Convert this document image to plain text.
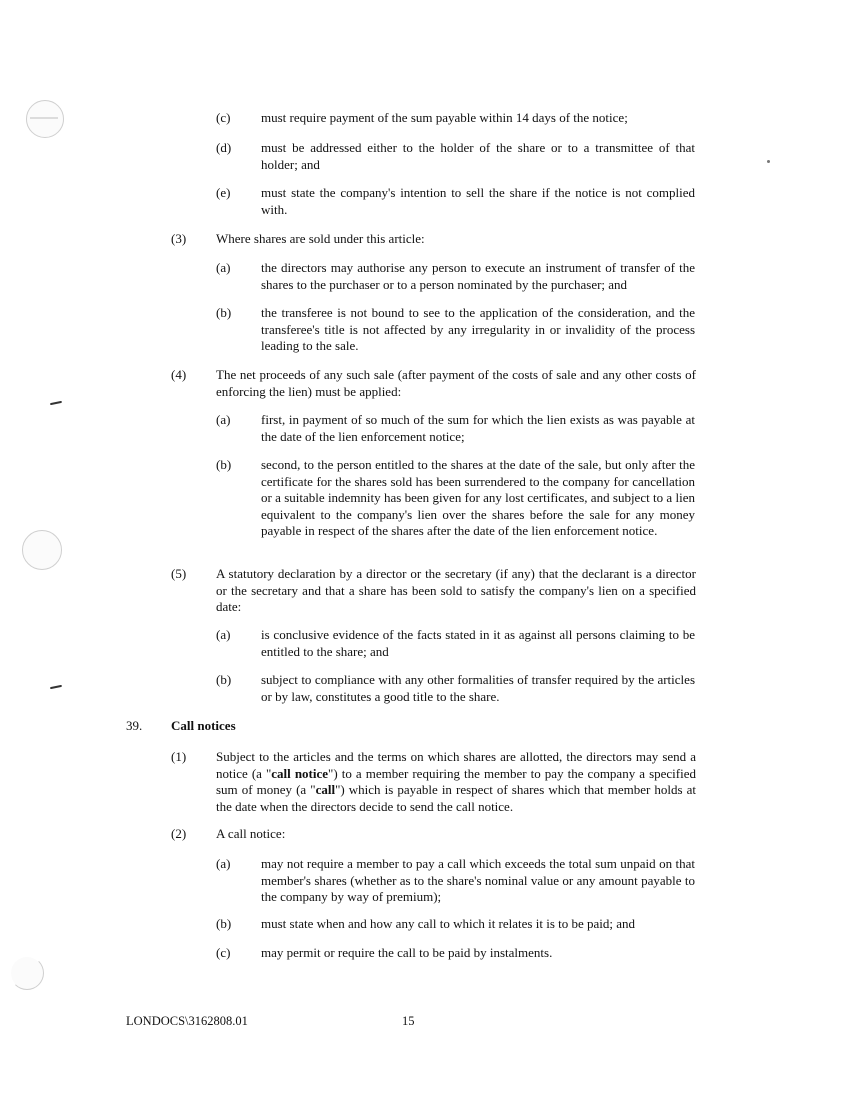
(c) must require payment of the sum payable within 14 days of the notice;
(d) must be addressed either to the holder of the share or to a transmittee of that holder; and
(e) must state the company's intention to sell the share if the notice is not complied with.
(3) Where shares are sold under this article:
(a) the directors may authorise any person to execute an instrument of transfer of the shares to the purchaser or to a person nominated by the purchaser; and
(b) the transferee is not bound to see to the application of the consideration, and the transferee's title is not affected by any irregularity in or invalidity of the process leading to the sale.
(4) The net proceeds of any such sale (after payment of the costs of sale and any other costs of enforcing the lien) must be applied:
(a) first, in payment of so much of the sum for which the lien exists as was payable at the date of the lien enforcement notice;
(b) second, to the person entitled to the shares at the date of the sale, but only after the certificate for the shares sold has been surrendered to the company for cancellation or a suitable indemnity has been given for any lost certificates, and subject to a lien equivalent to the company's lien over the shares before the sale for any money payable in respect of the shares after the date of the lien enforcement notice.
(5) A statutory declaration by a director or the secretary (if any) that the declarant is a director or the secretary and that a share has been sold to satisfy the company's lien on a specified date:
(a) is conclusive evidence of the facts stated in it as against all persons claiming to be entitled to the share; and
(b) subject to compliance with any other formalities of transfer required by the articles or by law, constitutes a good title to the share.
39. Call notices
(1) Subject to the articles and the terms on which shares are allotted, the directors may send a notice (a "call notice") to a member requiring the member to pay the company a specified sum of money (a "call") which is payable in respect of shares which that member holds at the date when the directors decide to send the call notice.
(2) A call notice:
(a) may not require a member to pay a call which exceeds the total sum unpaid on that member's shares (whether as to the share's nominal value or any amount payable to the company by way of premium);
(b) must state when and how any call to which it relates it is to be paid; and
(c) may permit or require the call to be paid by instalments.
LONDOCS\3162808.01	15
